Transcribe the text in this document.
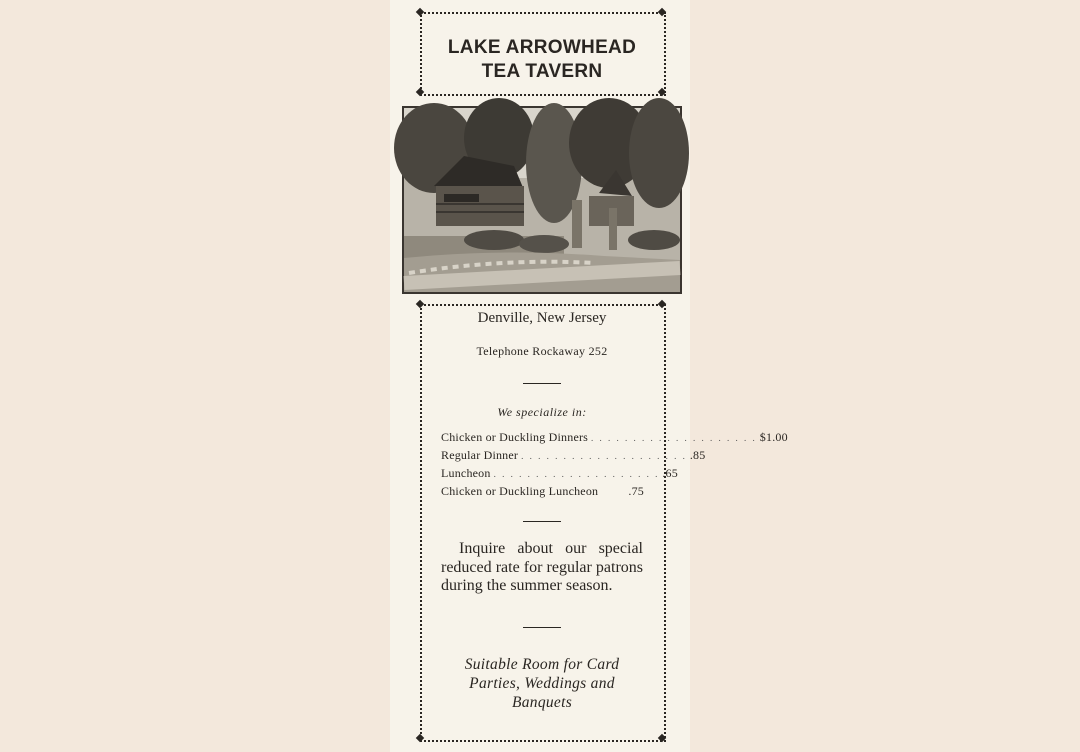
LAKE ARROWHEAD
TEA TAVERN
Denville, New Jersey
Telephone Rockaway 252
We specialize in:
Chicken or Duckling Dinners . . . . . . . . . . . . . . . . . . . . $1.00
Regular Dinner . . . . . . . . . . . . . . . . . . . . .85
Luncheon . . . . . . . . . . . . . . . . . . . . .65
Chicken or Duckling Luncheon	.75
Inquire about our special reduced rate for regular patrons during the summer season.
Suitable Room for Card
Parties, Weddings and
Banquets
